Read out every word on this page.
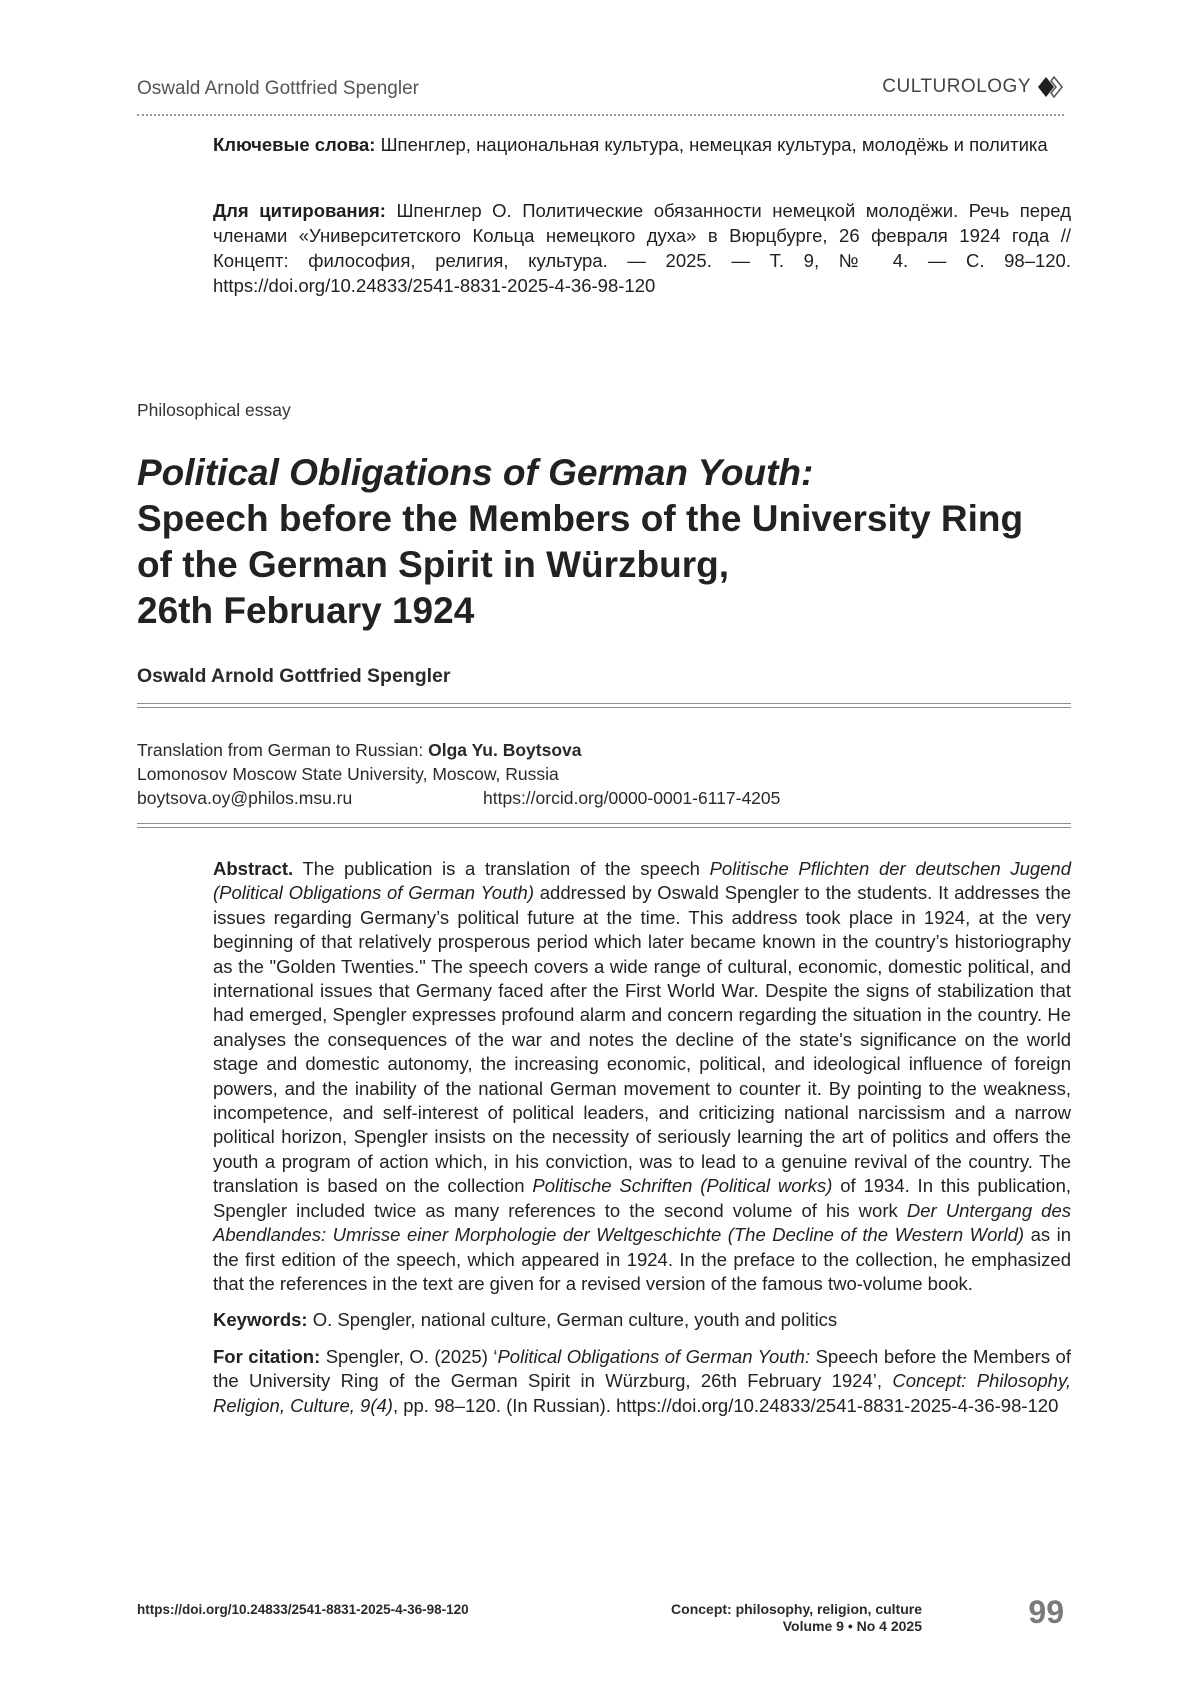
Oswald Arnold Gottfried Spengler	CULTUROLOGY
Ключевые слова: Шпенглер, национальная культура, немецкая культура, молодёжь и политика
Для цитирования: Шпенглер О. Политические обязанности немецкой молодёжи. Речь перед членами «Университетского Кольца немецкого духа» в Вюрцбурге, 26 февраля 1924 года // Концепт: философия, религия, культура. — 2025. — Т. 9, № 4. — С. 98–120. https://doi.org/10.24833/2541-8831-2025-4-36-98-120
Philosophical essay
Political Obligations of German Youth:
Speech before the Members of the University Ring
of the German Spirit in Würzburg,
26th February 1924
Oswald Arnold Gottfried Spengler
Translation from German to Russian: Olga Yu. Boytsova
Lomonosov Moscow State University, Moscow, Russia
boytsova.oy@philos.msu.ru	https://orcid.org/0000-0001-6117-4205
Abstract. The publication is a translation of the speech Politische Pflichten der deutschen Jugend (Political Obligations of German Youth) addressed by Oswald Spengler to the students. It addresses the issues regarding Germany’s political future at the time. This address took place in 1924, at the very beginning of that relatively prosperous period which later became known in the country’s historiography as the "Golden Twenties." The speech covers a wide range of cultural, economic, domestic political, and international issues that Germany faced after the First World War. Despite the signs of stabilization that had emerged, Spengler expresses profound alarm and concern regarding the situation in the country. He analyses the consequences of the war and notes the decline of the state's significance on the world stage and domestic autonomy, the increasing economic, political, and ideological influence of foreign powers, and the inability of the national German movement to counter it. By pointing to the weakness, incompetence, and self-interest of political leaders, and criticizing national narcissism and a narrow political horizon, Spengler insists on the necessity of seriously learning the art of politics and offers the youth a program of action which, in his conviction, was to lead to a genuine revival of the country. The translation is based on the collection Politische Schriften (Political works) of 1934. In this publication, Spengler included twice as many references to the second volume of his work Der Untergang des Abendlandes: Umrisse einer Morphologie der Weltgeschichte (The Decline of the Western World) as in the first edition of the speech, which appeared in 1924. In the preface to the collection, he emphasized that the references in the text are given for a revised version of the famous two-volume book.
Keywords: O. Spengler, national culture, German culture, youth and politics
For citation: Spengler, O. (2025) ‘Political Obligations of German Youth: Speech before the Members of the University Ring of the German Spirit in Würzburg, 26th February 1924’, Concept: Philosophy, Religion, Culture, 9(4), pp. 98–120. (In Russian). https://doi.org/10.24833/2541-8831-2025-4-36-98-120
https://doi.org/10.24833/2541-8831-2025-4-36-98-120	Concept: philosophy, religion, culture
Volume 9 • No 4 2025	99
